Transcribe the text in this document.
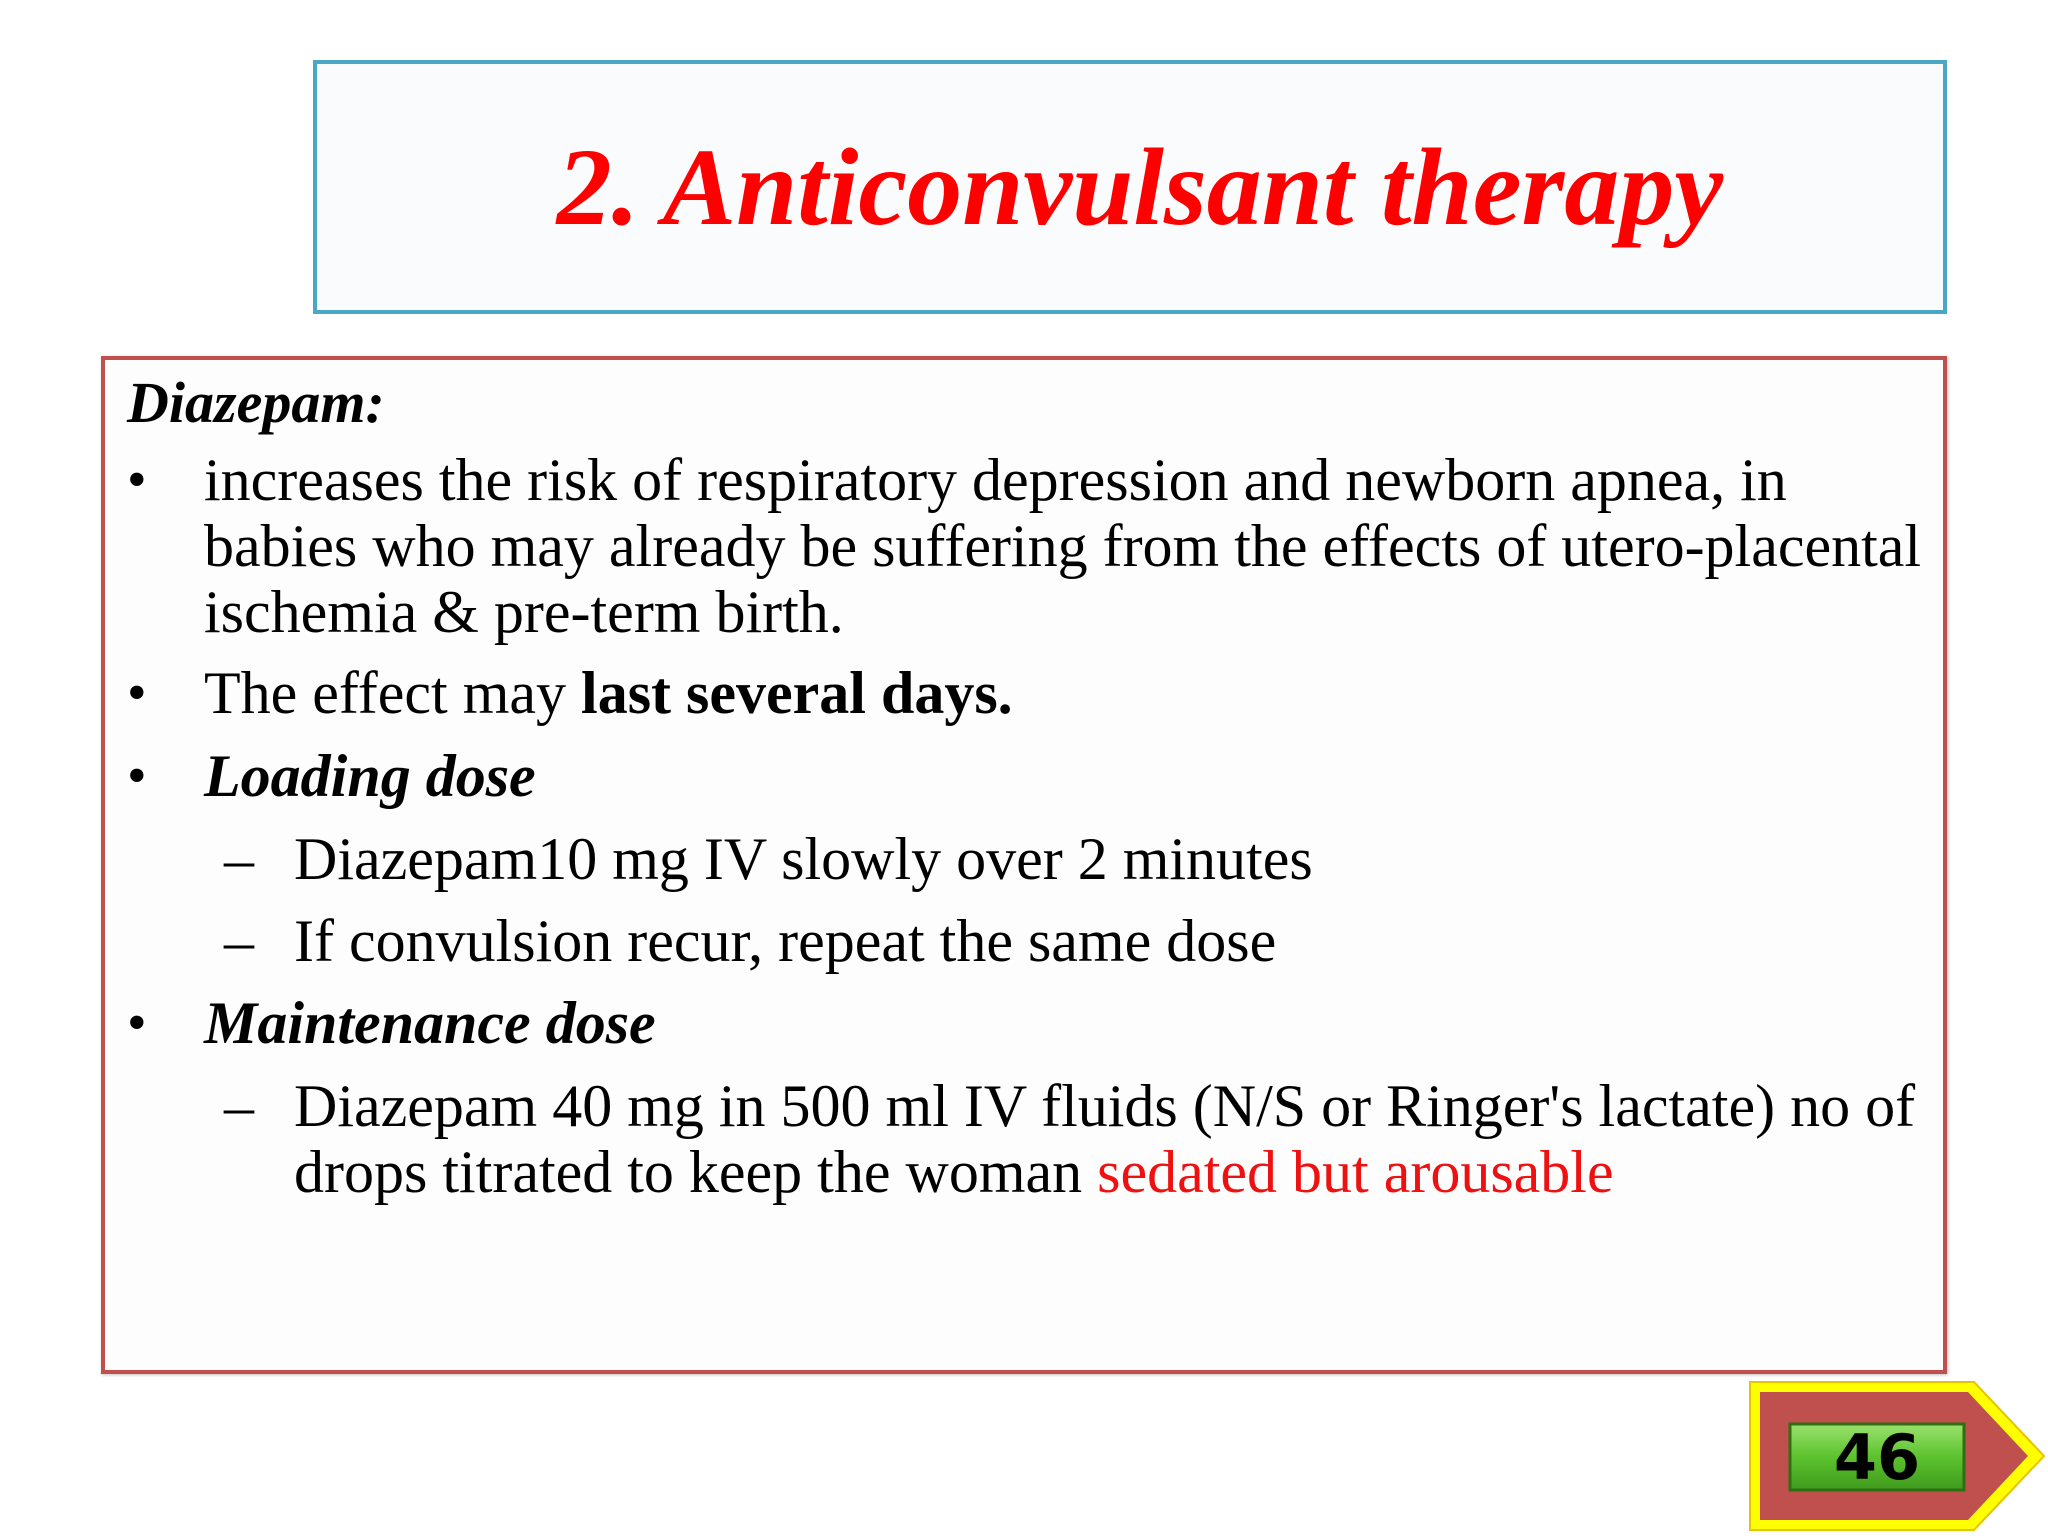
2. Anticonvulsant therapy
Diazepam:
• increases the risk of respiratory depression and newborn apnea, in babies who may already be suffering from the effects of utero-placental ischemia & pre-term birth.
• The effect may last several days.
• Loading dose
– Diazepam10 mg IV slowly over 2 minutes
– If convulsion recur, repeat the same dose
• Maintenance dose
– Diazepam 40 mg in 500 ml IV fluids (N/S or Ringer's lactate) no of drops titrated to keep the woman sedated but arousable
46
